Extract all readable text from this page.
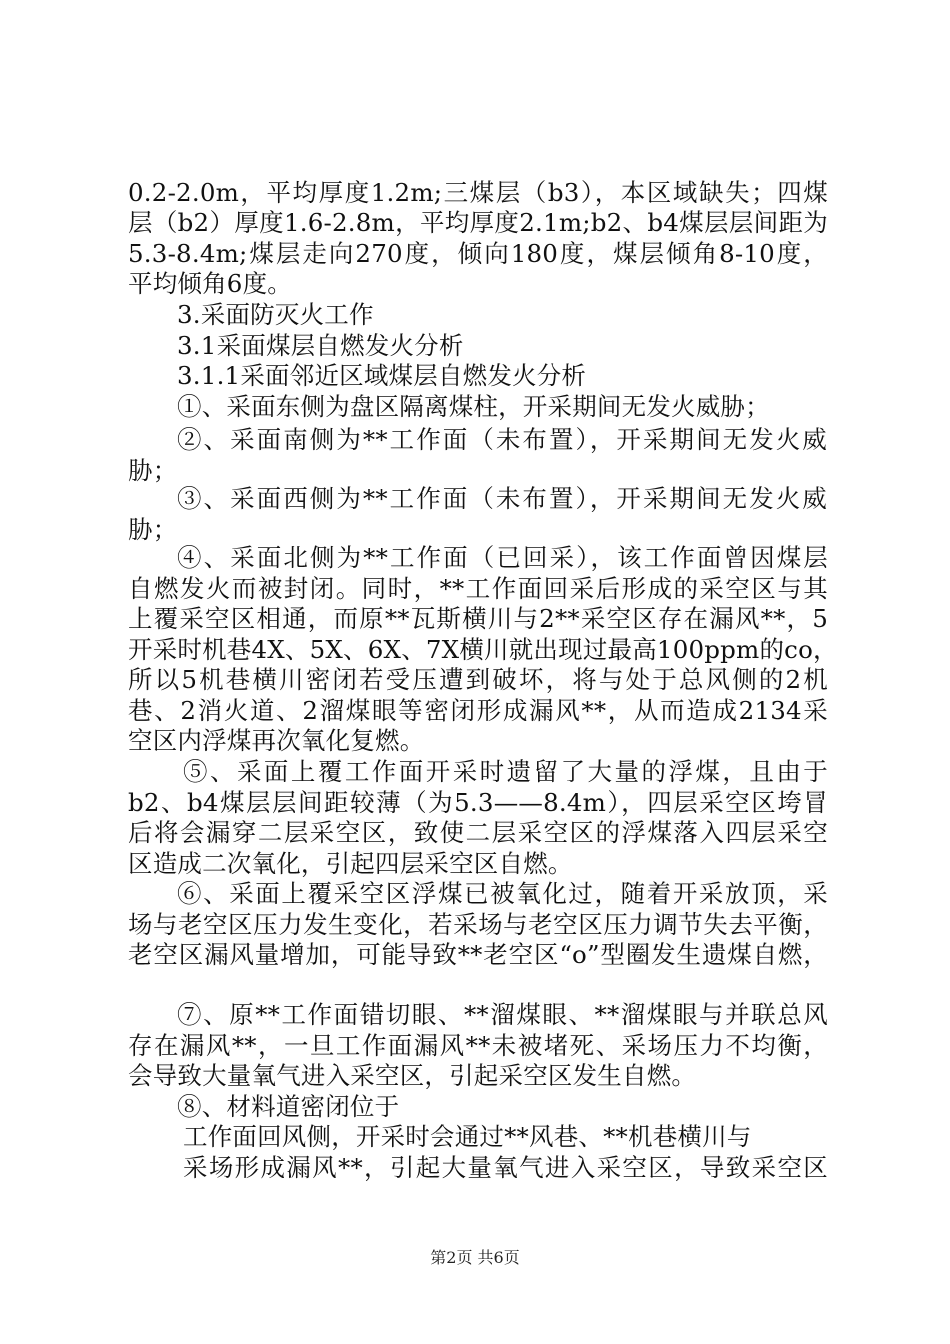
0.2-2.0m，平均厚度1.2m;三煤层（b3），本区域缺失；四煤

层（b2）厚度1.6-2.8m，平均厚度2.1m;b2、b4煤层层间距为

5.3-8.4m;煤层走向270度，倾向180度，煤层倾角8-10度，

平均倾角6度。

3.采面防灭火工作

3.1采面煤层自燃发火分析

3.1.1采面邻近区域煤层自燃发火分析

①、采面东侧为盘区隔离煤柱，开采期间无发火威胁；

②、采面南侧为**工作面（未布置），开采期间无发火威

胁；

③、采面西侧为**工作面（未布置），开采期间无发火威

胁；

④、采面北侧为**工作面（已回采），该工作面曾因煤层

自燃发火而被封闭。同时，**工作面回采后形成的采空区与其

上覆采空区相通，而原**瓦斯横川与2**采空区存在漏风**，5

开采时机巷4X、5X、6X、7X横川就出现过最高100ppm的co，

所以5机巷横川密闭若受压遭到破坏，将与处于总风侧的2机

巷、2消火道、2溜煤眼等密闭形成漏风**，从而造成2134采

空区内浮煤再次氧化复燃。

⑤、采面上覆工作面开采时遗留了大量的浮煤，且由于

b2、b4煤层层间距较薄（为5.3——8.4m），四层采空区垮冒

后将会漏穿二层采空区，致使二层采空区的浮煤落入四层采空

区造成二次氧化，引起四层采空区自燃。

⑥、采面上覆采空区浮煤已被氧化过，随着开采放顶，采

场与老空区压力发生变化，若采场与老空区压力调节失去平衡，

老空区漏风量增加，可能导致**老空区“o”型圈发生遗煤自燃，

⑦、原**工作面错切眼、**溜煤眼、**溜煤眼与并联总风

存在漏风**，一旦工作面漏风**未被堵死、采场压力不均衡，

会导致大量氧气进入采空区，引起采空区发生自燃。

⑧、材料道密闭位于

工作面回风侧，开采时会通过**风巷、**机巷横川与

采场形成漏风**，引起大量氧气进入采空区，导致采空区

第2页 共6页
